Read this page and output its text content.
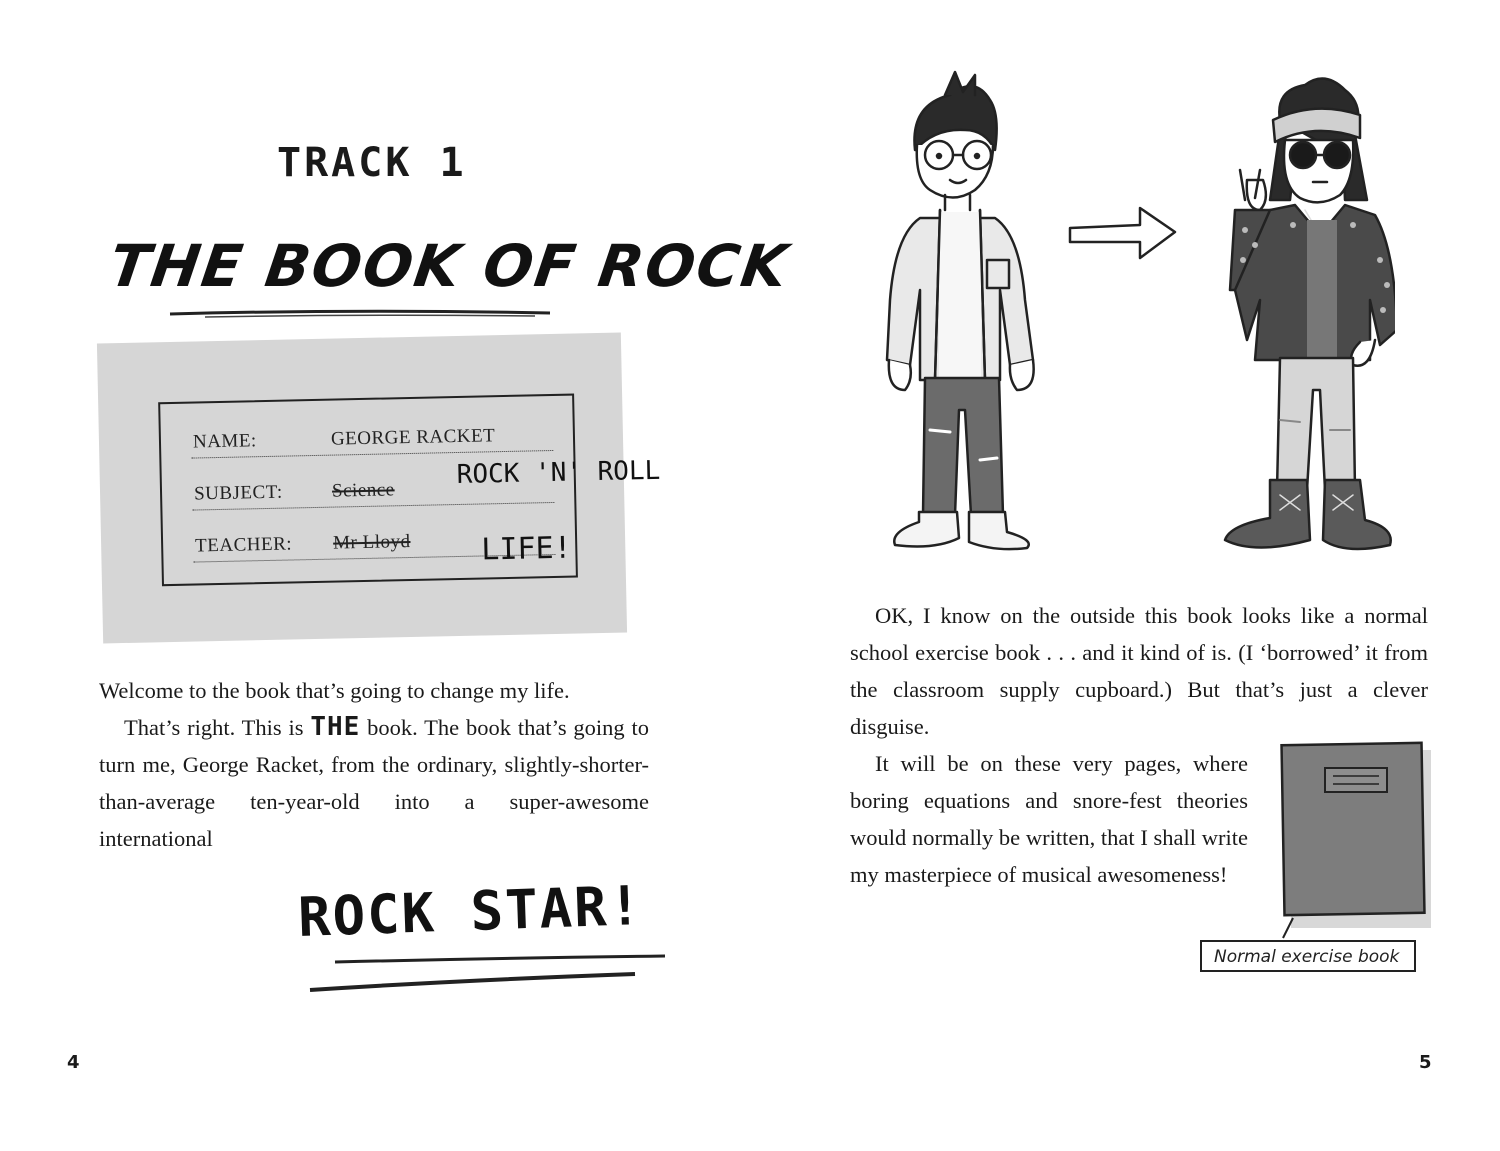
TRACK 1
THE BOOK OF ROCK
NAME:	GEORGE RACKET
SUBJECT:	Science
TEACHER: Mr Lloyd
ROCK 'N' ROLL
LIFE!

Welcome to the book that’s going to change my life.

That’s right. This is THE book. The book that’s going to turn me, George Racket, from the ordinary, slightly-shorter-than-average ten-year-old into a super-awesome international

ROCK STAR!
4

OK, I know on the outside this book looks like a normal school exercise book . . . and it kind of is. (I ‘borrowed’ it from the classroom supply cupboard.) But that’s just a clever disguise.

It will be on these very pages, where boring equations and snore-fest theories would normally be written, that I shall write my masterpiece of musical awesomeness!

Normal exercise book
5
